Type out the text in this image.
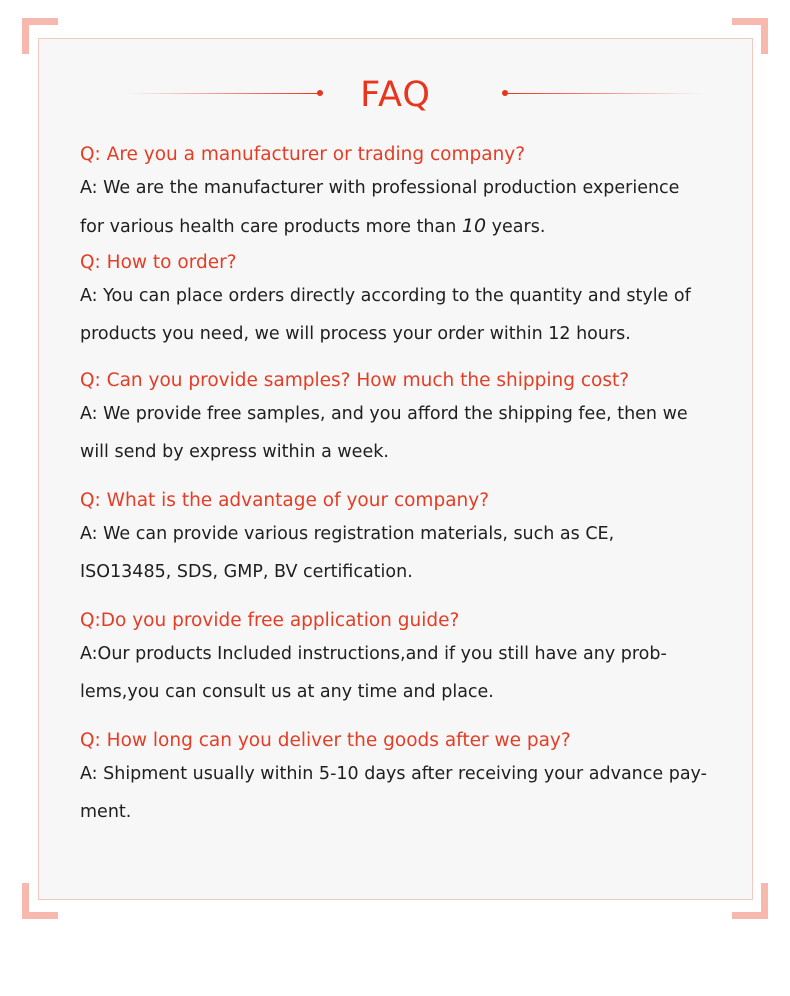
FAQ

Q: Are you a manufacturer or trading company?

A: We are the manufacturer with professional production experience
for various health care products more than 10 years.

Q: How to order?

A: You can place orders directly according to the quantity and style of
products you need, we will process your order within 12 hours.

Q: Can you provide samples? How much the shipping cost?

A: We provide free samples, and you afford the shipping fee, then we
will send by express within a week.

Q: What is the advantage of your company?

A: We can provide various registration materials, such as CE,
ISO13485, SDS, GMP, BV certification.

Q:Do you provide free application guide?

A:Our products Included instructions,and if you still have any prob-
lems,you can consult us at any time and place.

Q: How long can you deliver the goods after we pay?

A: Shipment usually within 5-10 days after receiving your advance pay-
ment.
